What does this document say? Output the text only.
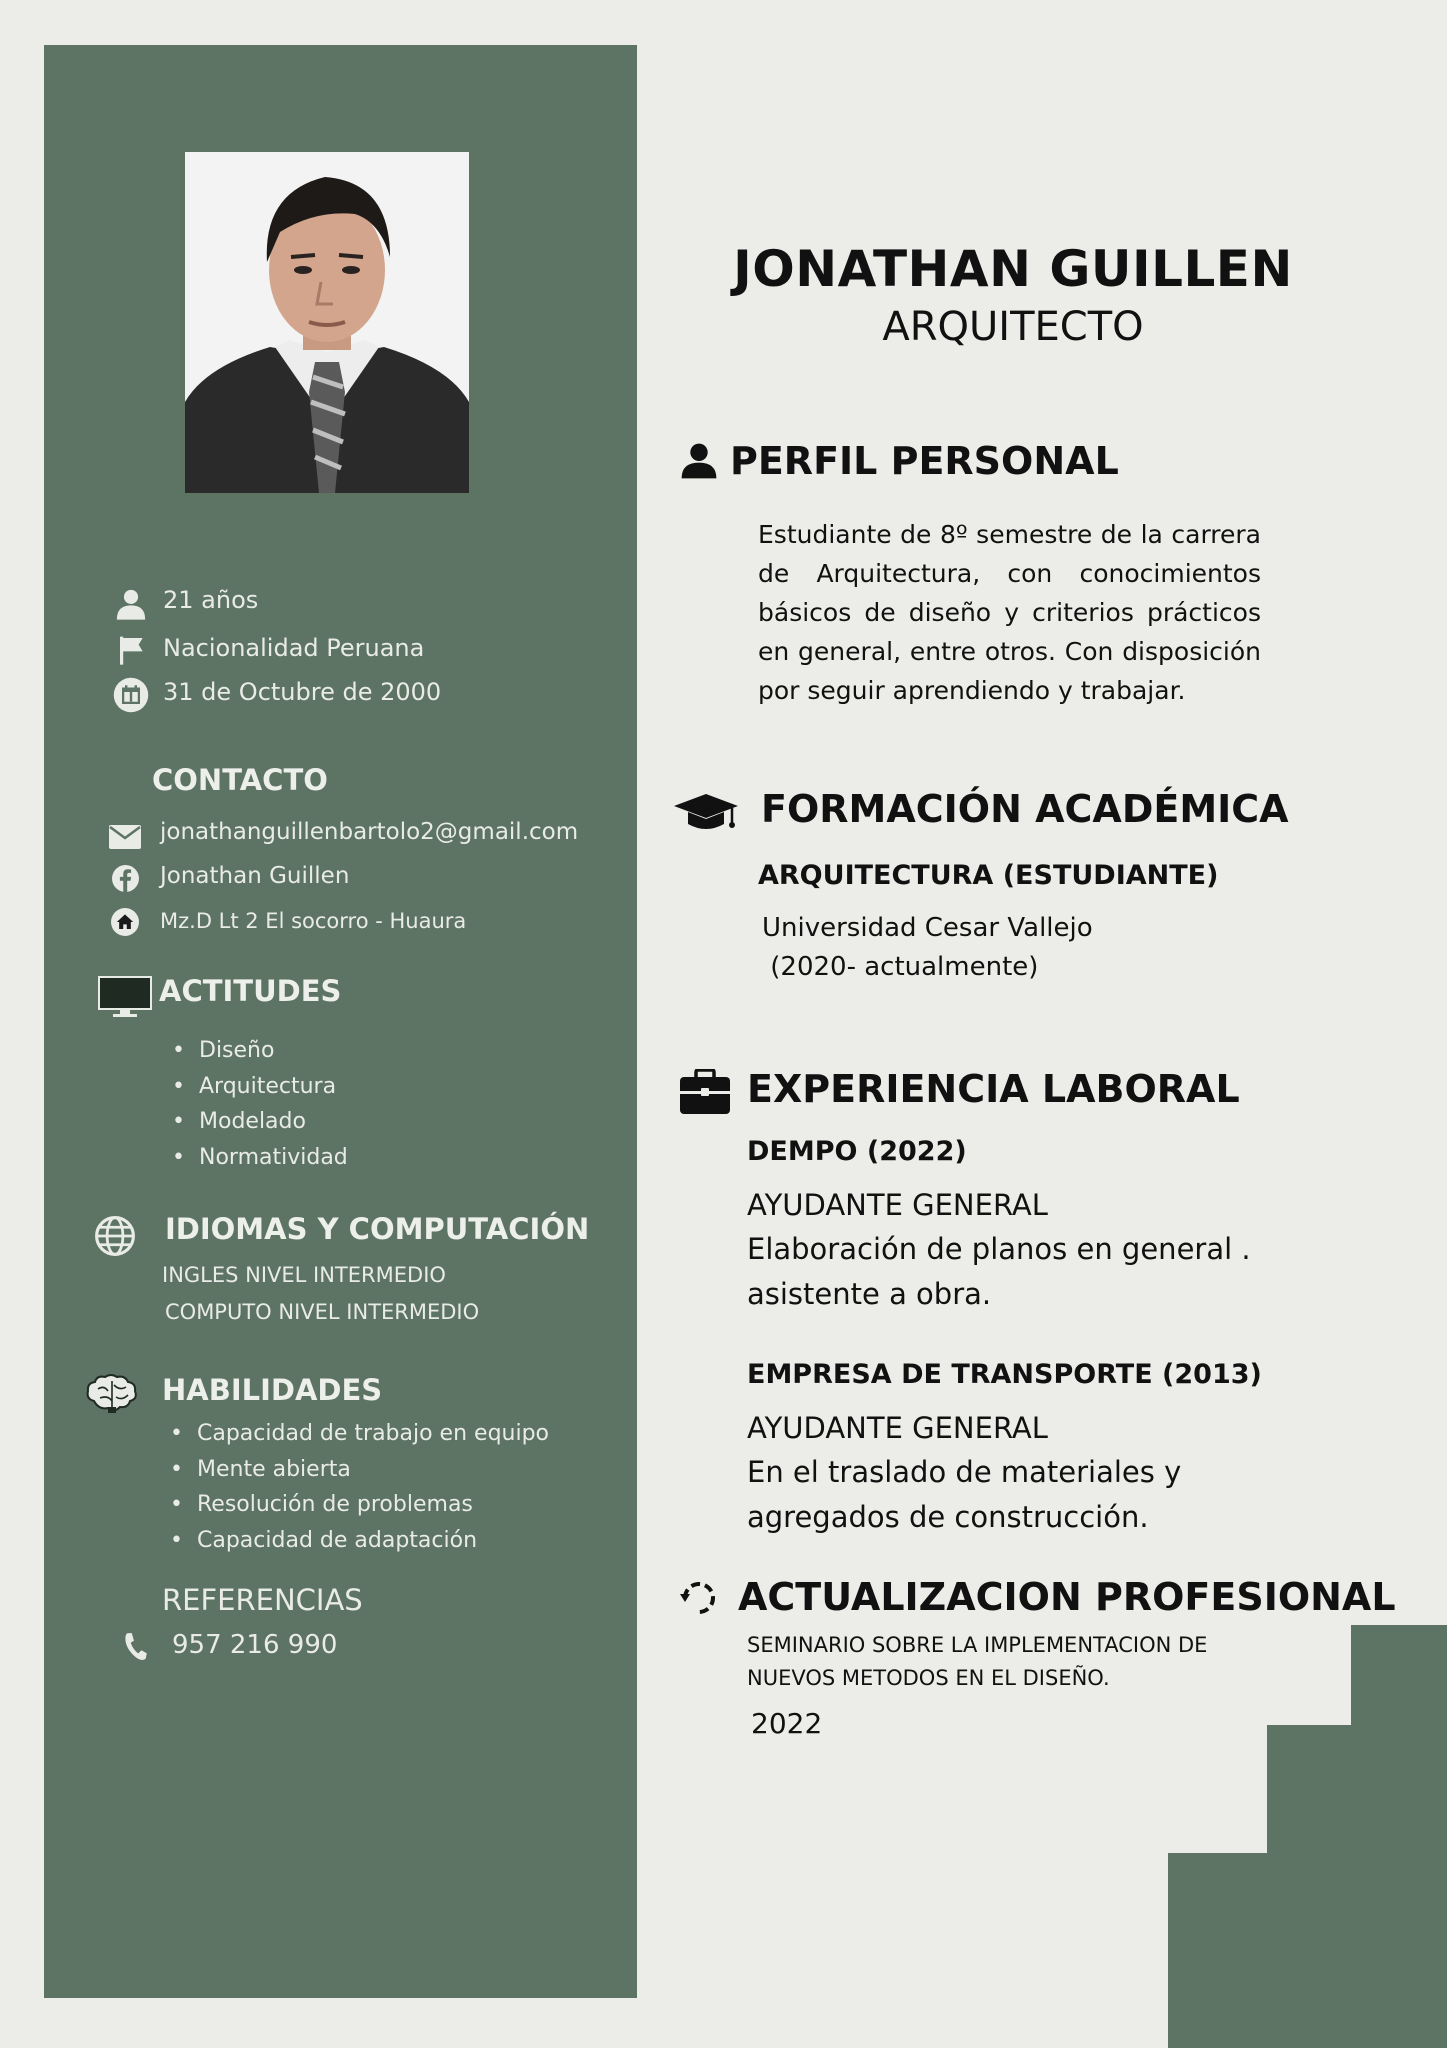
21 años
Nacionalidad Peruana
31 de Octubre de 2000
CONTACTO
jonathanguillenbartolo2@gmail.com
Jonathan Guillen
Mz.D Lt 2 El socorro - Huaura
ACTITUDES
• Diseño
• Arquitectura
• Modelado
• Normatividad
IDIOMAS Y COMPUTACIÓN
INGLES NIVEL INTERMEDIO
COMPUTO NIVEL INTERMEDIO
HABILIDADES
• Capacidad de trabajo en equipo
• Mente abierta
• Resolución de problemas
• Capacidad de adaptación
REFERENCIAS
957 216 990
JONATHAN GUILLEN
ARQUITECTO
PERFIL PERSONAL

Estudiante de 8º semestre de la carrera de Arquitectura, con conocimientos básicos de diseño y criterios prácticos en general, entre otros. Con disposición por seguir aprendiendo y trabajar.

FORMACIÓN ACADÉMICA
ARQUITECTURA (ESTUDIANTE)
Universidad Cesar Vallejo
(2020- actualmente)
EXPERIENCIA LABORAL
DEMPO (2022)
AYUDANTE GENERAL
Elaboración de planos en general .
asistente a obra.
EMPRESA DE TRANSPORTE (2013)
AYUDANTE GENERAL
En el traslado de materiales y
agregados de construcción.
ACTUALIZACION PROFESIONAL
SEMINARIO SOBRE LA IMPLEMENTACION DE
NUEVOS METODOS EN EL DISEÑO.
2022
